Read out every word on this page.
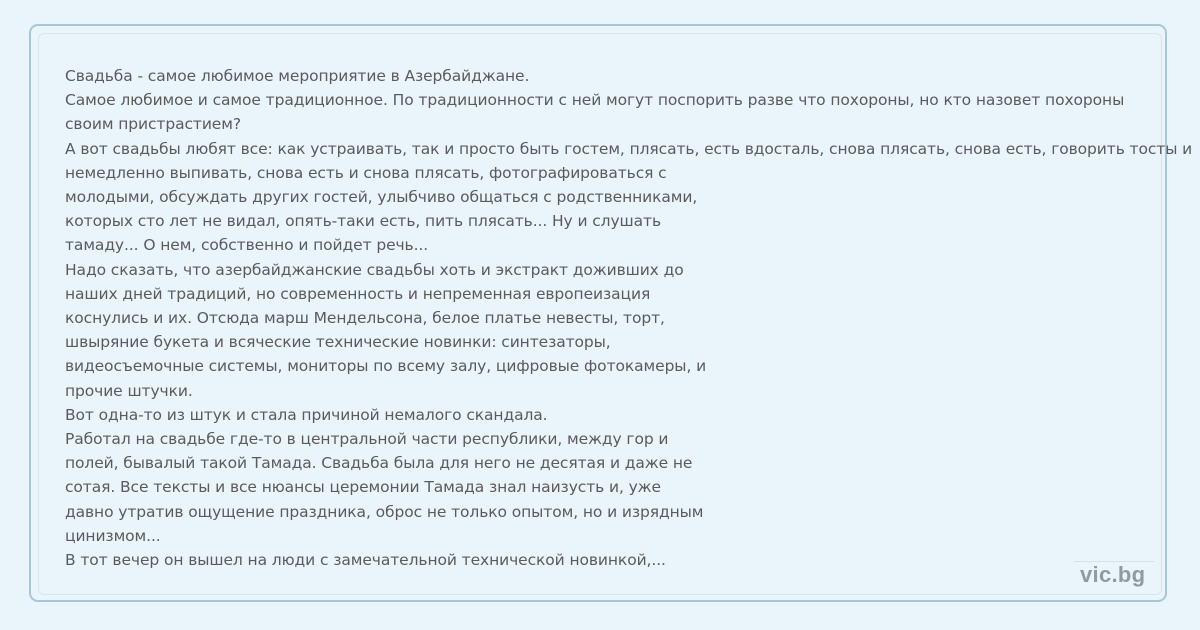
Свадьба - самое любимое мероприятие в Азербайджане.
Самое любимое и самое традиционное. По традиционности с ней могут поспорить разве что похороны, но кто назовет похороны
своим пристрастием?
А вот свадьбы любят все: как устраивать, так и просто быть гостем, плясать, есть вдосталь, снова плясать, снова есть, говорить тосты и
немедленно выпивать, снова есть и снова плясать, фотографироваться с
молодыми, обсуждать других гостей, улыбчиво общаться с родственниками,
которых сто лет не видал, опять-таки есть, пить плясать... Ну и слушать
тамаду... О нем, собственно и пойдет речь...
Надо сказать, что азербайджанские свадьбы хоть и экстракт доживших до
наших дней традиций, но современность и непременная европеизация
коснулись и их. Отсюда марш Мендельсона, белое платье невесты, торт,
швыряние букета и всяческие технические новинки: синтезаторы,
видеосъемочные системы, мониторы по всему залу, цифровые фотокамеры, и
прочие штучки.
Вот одна-то из штук и стала причиной немалого скандала.
Работал на свадьбе где-то в центральной части республики, между гор и
полей, бывалый такой Тамада. Свадьба была для него не десятая и даже не
сотая. Все тексты и все нюансы церемонии Тамада знал наизусть и, уже
давно утратив ощущение праздника, оброс не только опытом, но и изрядным
цинизмом...
В тот вечер он вышел на люди с замечательной технической новинкой,...
vic.bg
